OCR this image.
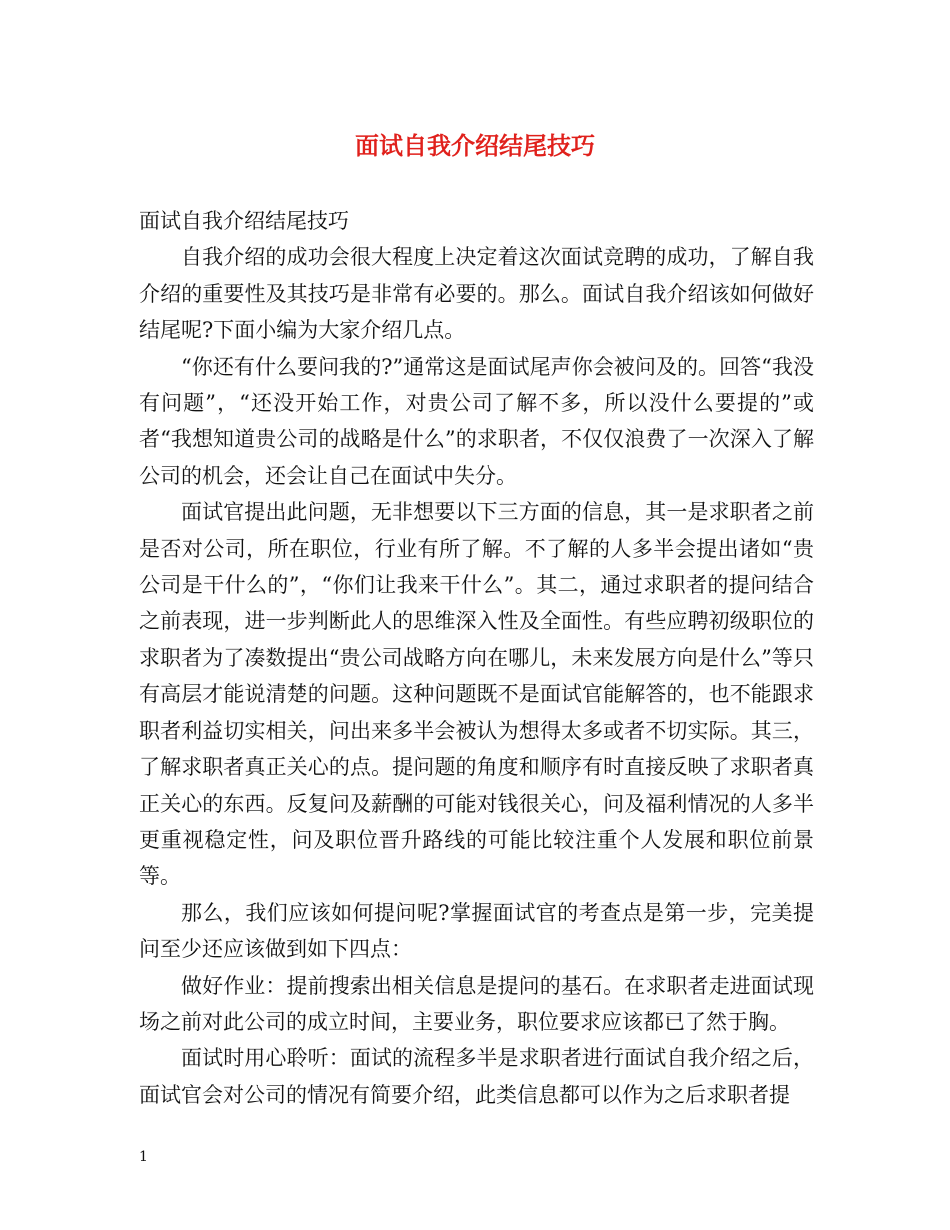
面试自我介绍结尾技巧

面试自我介绍结尾技巧

自我介绍的成功会很大程度上决定着这次面试竞聘的成功，了解自我介绍的重要性及其技巧是非常有必要的。那么。面试自我介绍该如何做好结尾呢?下面小编为大家介绍几点。

“你还有什么要问我的?”通常这是面试尾声你会被问及的。回答“我没有问题”，“还没开始工作，对贵公司了解不多，所以没什么要提的”或者“我想知道贵公司的战略是什么”的求职者，不仅仅浪费了一次深入了解公司的机会，还会让自己在面试中失分。

面试官提出此问题，无非想要以下三方面的信息，其一是求职者之前是否对公司，所在职位，行业有所了解。不了解的人多半会提出诸如“贵公司是干什么的”，“你们让我来干什么”。其二，通过求职者的提问结合之前表现，进一步判断此人的思维深入性及全面性。有些应聘初级职位的求职者为了凑数提出“贵公司战略方向在哪儿，未来发展方向是什么”等只有高层才能说清楚的问题。这种问题既不是面试官能解答的，也不能跟求职者利益切实相关，问出来多半会被认为想得太多或者不切实际。其三，了解求职者真正关心的点。提问题的角度和顺序有时直接反映了求职者真正关心的东西。反复问及薪酬的可能对钱很关心，问及福利情况的人多半更重视稳定性，问及职位晋升路线的可能比较注重个人发展和职位前景等。

那么，我们应该如何提问呢?掌握面试官的考查点是第一步，完美提问至少还应该做到如下四点：

做好作业：提前搜索出相关信息是提问的基石。在求职者走进面试现场之前对此公司的成立时间，主要业务，职位要求应该都已了然于胸。

面试时用心聆听：面试的流程多半是求职者进行面试自我介绍之后，面试官会对公司的情况有简要介绍，此类信息都可以作为之后求职者提

1
